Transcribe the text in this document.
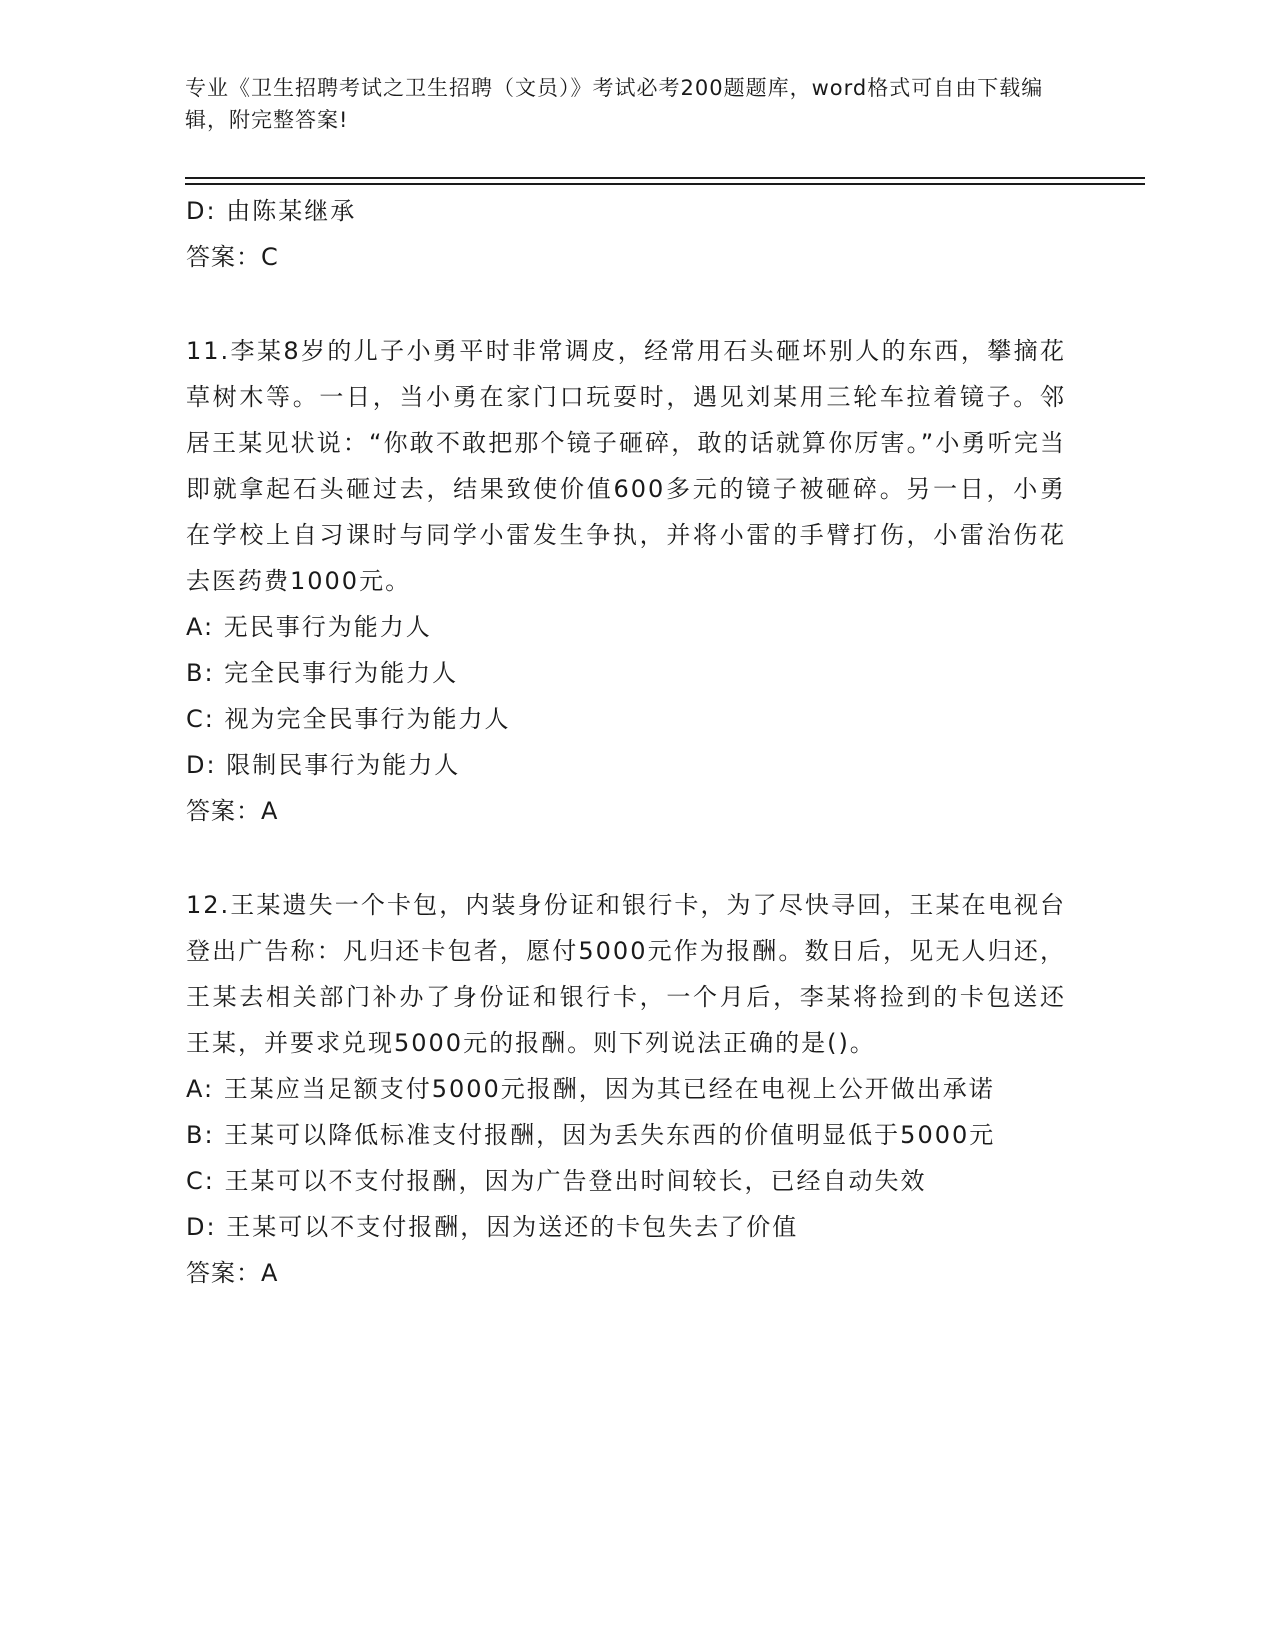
专业《卫生招聘考试之卫生招聘（文员）》考试必考200题题库，word格式可自由下载编辑，附完整答案!
D: 由陈某继承
答案：C
11.李某8岁的儿子小勇平时非常调皮，经常用石头砸坏别人的东西，攀摘花草树木等。一日，当小勇在家门口玩耍时，遇见刘某用三轮车拉着镜子。邻居王某见状说：“你敢不敢把那个镜子砸碎，敢的话就算你厉害。”小勇听完当即就拿起石头砸过去，结果致使价值600多元的镜子被砸碎。另一日，小勇在学校上自习课时与同学小雷发生争执，并将小雷的手臂打伤，小雷治伤花去医药费1000元。
A: 无民事行为能力人
B: 完全民事行为能力人
C: 视为完全民事行为能力人
D: 限制民事行为能力人
答案：A
12.王某遗失一个卡包，内装身份证和银行卡，为了尽快寻回，王某在电视台登出广告称：凡归还卡包者，愿付5000元作为报酬。数日后，见无人归还，王某去相关部门补办了身份证和银行卡，一个月后，李某将捡到的卡包送还王某，并要求兑现5000元的报酬。则下列说法正确的是()。
A: 王某应当足额支付5000元报酬，因为其已经在电视上公开做出承诺
B: 王某可以降低标准支付报酬，因为丢失东西的价值明显低于5000元
C: 王某可以不支付报酬，因为广告登出时间较长，已经自动失效
D: 王某可以不支付报酬，因为送还的卡包失去了价值
答案：A
